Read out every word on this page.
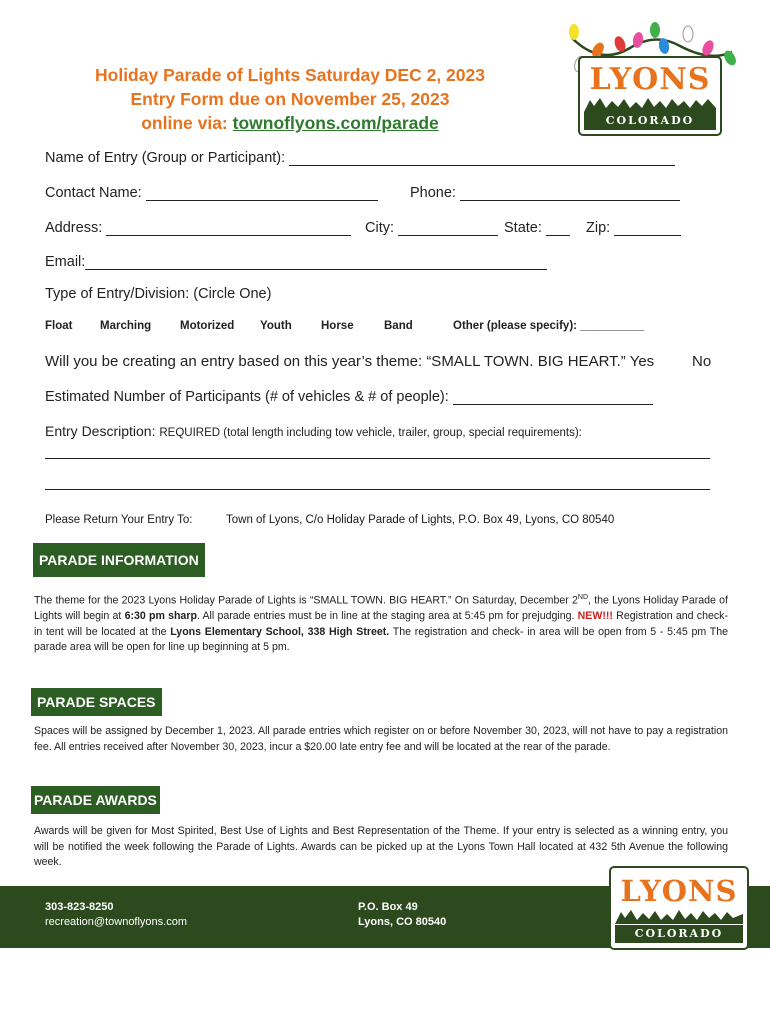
Holiday Parade of Lights Saturday DEC 2, 2023
Entry Form due on November 25, 2023
online via: townoflyons.com/parade
LYONS
COLORADO
Name of Entry (Group or Participant):
Contact Name:	Phone:
Address:	City:	State:	Zip:
Email:
Type of Entry/Division: (Circle One)
Float Marching	Motorized Youth	Horse	Band	Other (please specify): __________
Will you be creating an entry based on this year’s theme: “SMALL TOWN. BIG HEART.” Yes	No
Estimated Number of Participants (# of vehicles & # of people):
Entry Description: REQUIRED (total length including tow vehicle, trailer, group, special requirements):
Please Return Your Entry To:	Town of Lyons, C/o Holiday Parade of Lights, P.O. Box 49, Lyons, CO 80540
PARADE INFORMATION
The theme for the 2023 Lyons Holiday Parade of Lights is “SMALL TOWN. BIG HEART.” On Saturday, December 2ND, the Lyons Holiday Parade of Lights will begin at 6:30 pm sharp. All parade entries must be in line at the staging area at 5:45 pm for prejudging. NEW!!! Registration and check-in tent will be located at the Lyons Elementary School, 338 High Street. The registration and check- in area will be open from 5 - 5:45 pm The parade area will be open for line up beginning at 5 pm.
PARADE SPACES
Spaces will be assigned by December 1, 2023. All parade entries which register on or before November 30, 2023, will not have to pay a registration fee. All entries received after November 30, 2023, incur a $20.00 late entry fee and will be located at the rear of the parade.
PARADE AWARDS
Awards will be given for Most Spirited, Best Use of Lights and Best Representation of the Theme. If your entry is selected as a winning entry, you will be notified the week following the Parade of Lights. Awards can be picked up at the Lyons Town Hall located at 432 5th Avenue the following week.
303-823-8250
recreation@townoflyons.com
P.O. Box 49
Lyons, CO 80540
LYONS
COLORADO
